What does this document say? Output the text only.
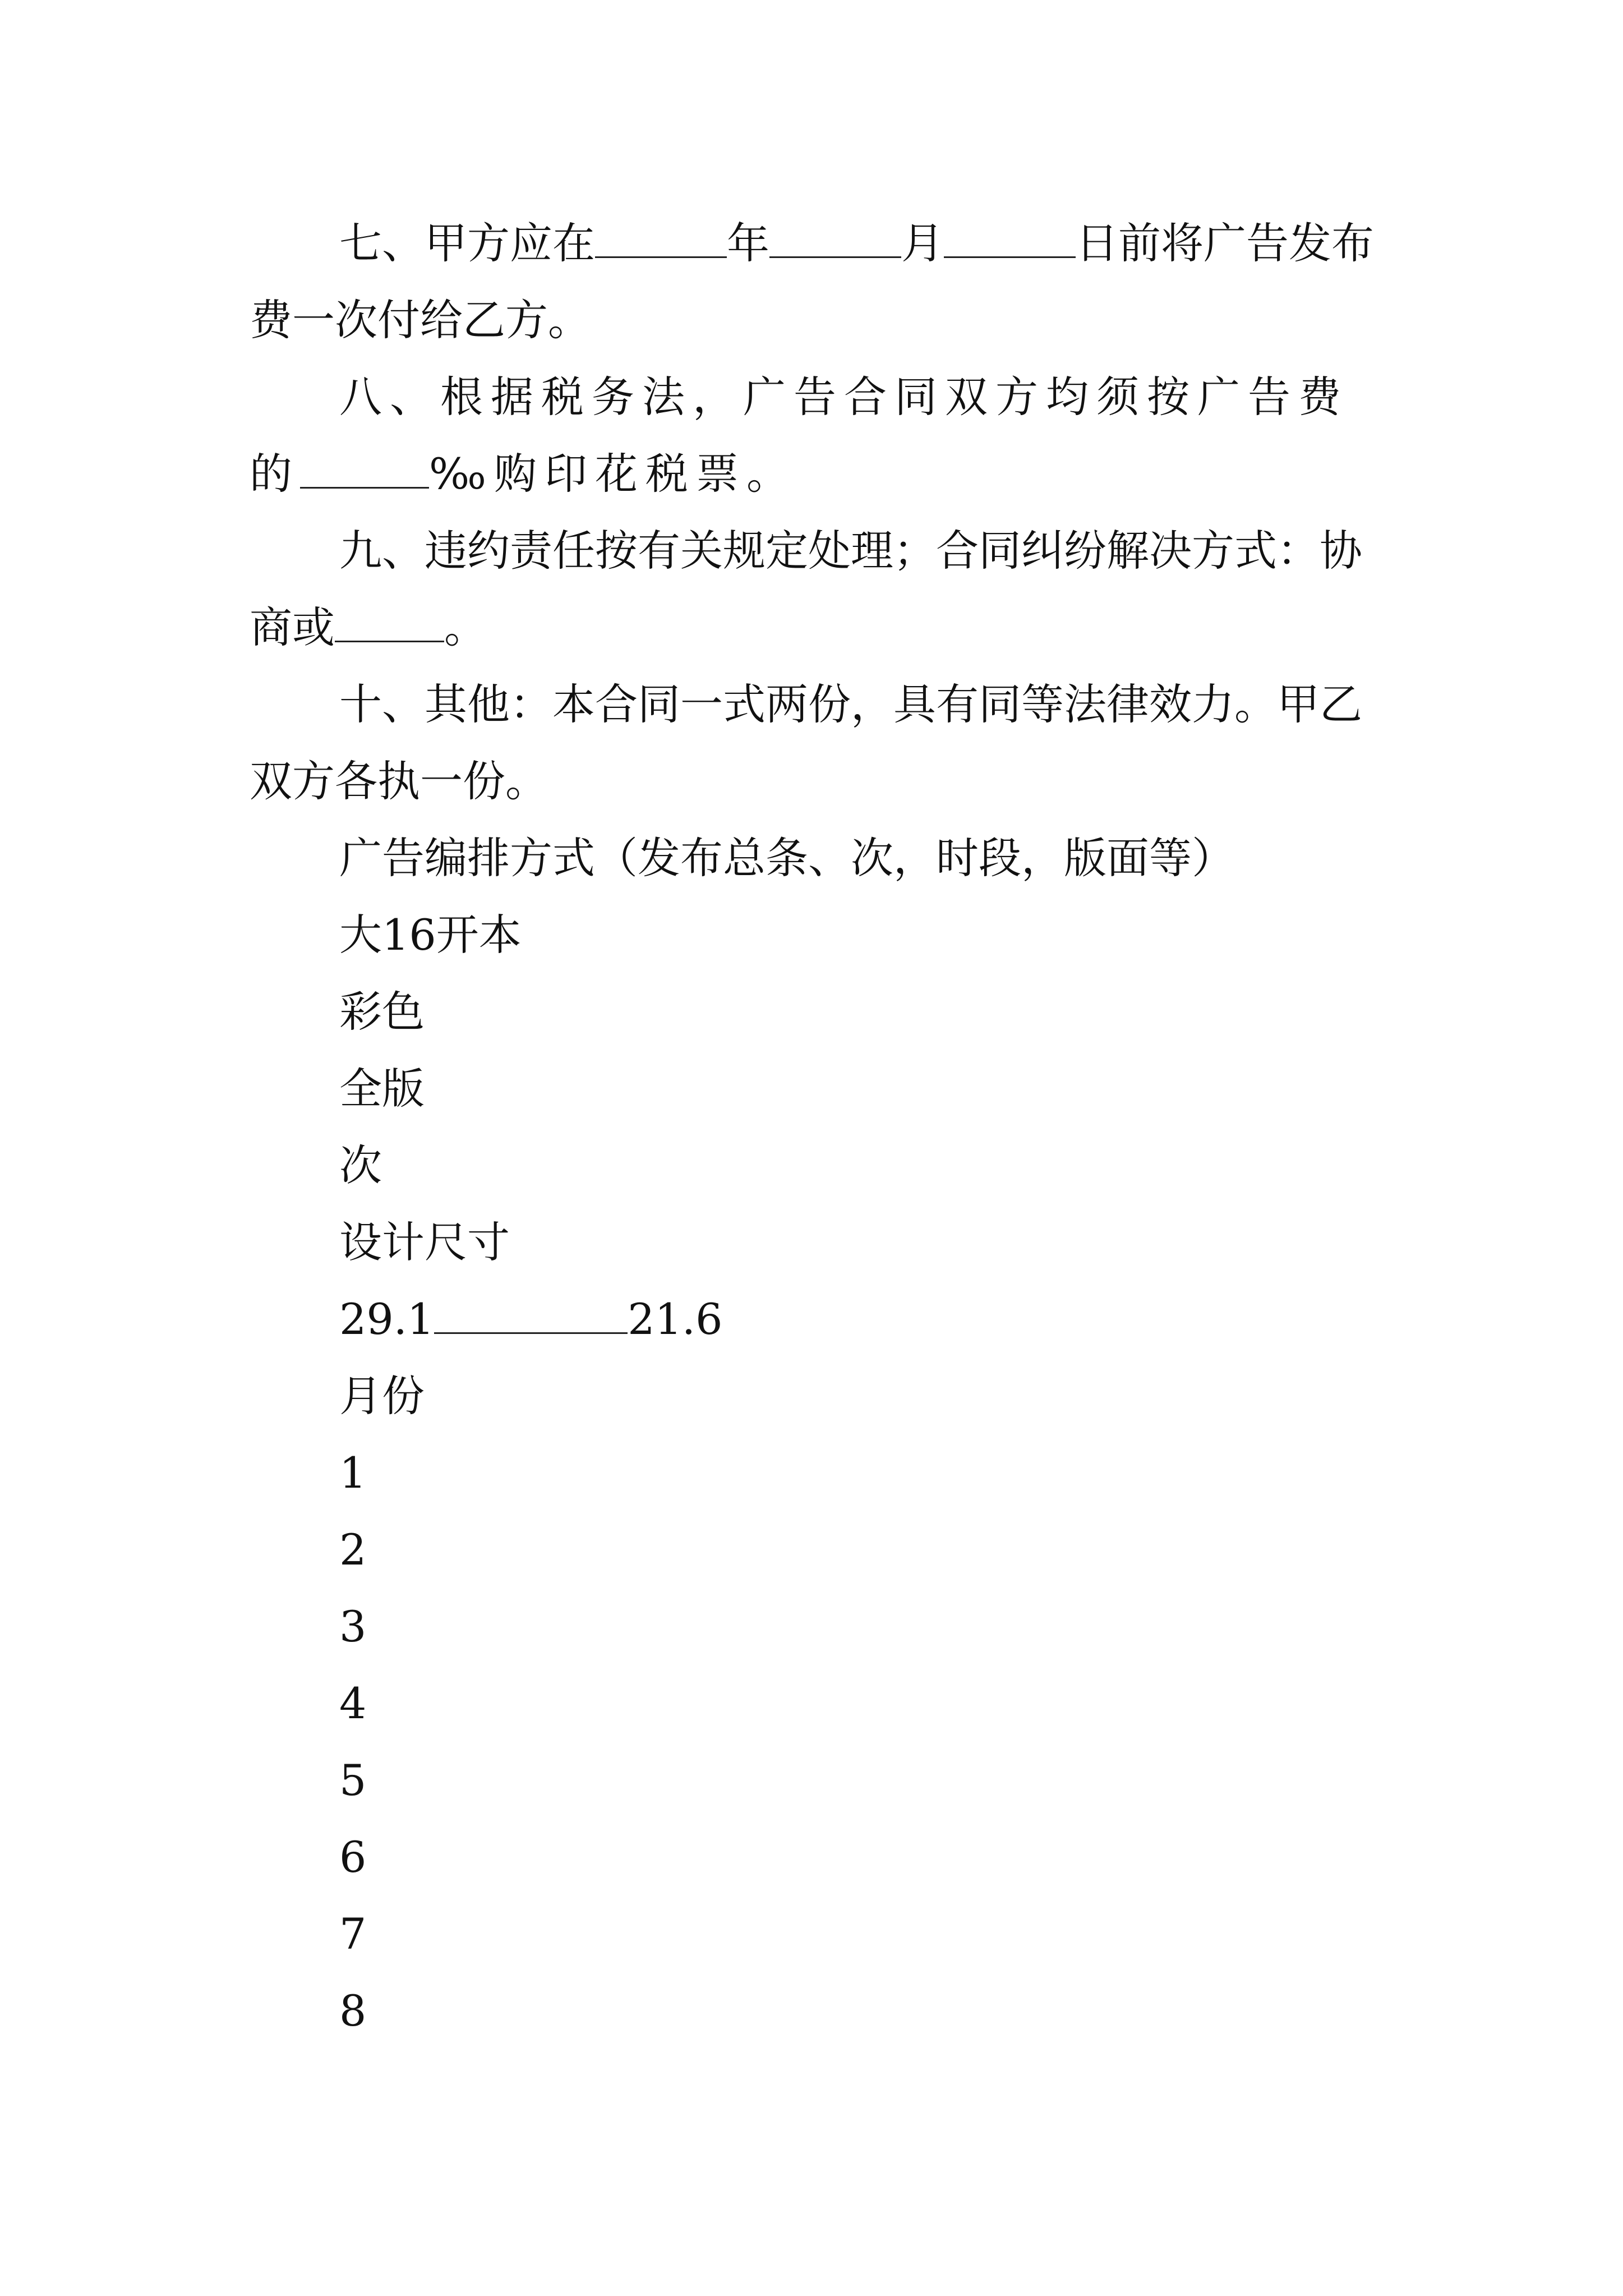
七、甲方应在	年	月	日前将广告发布费一次付给乙方。

八、根据税务法，广告合同双方均须按广告费的	‰购印花税票。

九、违约责任按有关规定处理；合同纠纷解决方式：协商或	。

十、其他：本合同一式两份，具有同等法律效力。甲乙双方各执一份。

广告编排方式（发布总条、次，时段，版面等）

大16开本

彩色

全版

次

设计尺寸

29.1	21.6

月份

1

2

3

4

5

6

7

8
